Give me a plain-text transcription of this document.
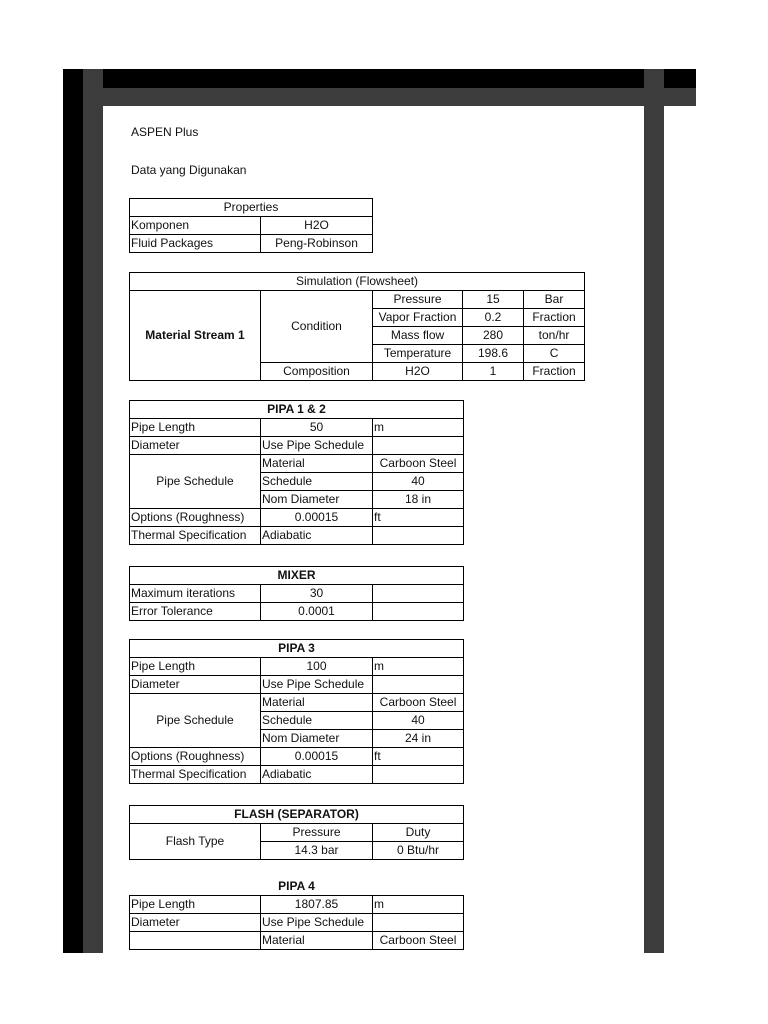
ASPEN Plus
Data yang Digunakan
Properties	
Komponen	H2O
Fluid Packages	Peng-Robinson
Simulation (Flowsheet)				
Material Stream 1	Condition	Pressure	15	Bar
		Vapor Fraction	0.2	Fraction
		Mass flow	280	ton/hr
		Temperature	198.6	C
	Composition	H2O	1	Fraction
PIPA 1 & 2		
Pipe Length	50	m
Diameter	Use Pipe Schedule	
Pipe Schedule	Material	Carboon Steel
	Schedule	40
	Nom Diameter	18 in
Options (Roughness)	0.00015	ft
Thermal Specification	Adiabatic	
MIXER		
Maximum iterations	30	
Error Tolerance	0.0001	
PIPA 3		
Pipe Length	100	m
Diameter	Use Pipe Schedule	
Pipe Schedule	Material	Carboon Steel
	Schedule	40
	Nom Diameter	24 in
Options (Roughness)	0.00015	ft
Thermal Specification	Adiabatic	
FLASH (SEPARATOR)		
Flash Type	Pressure	Duty
	14.3 bar	0 Btu/hr
PIPA 4		
Pipe Length	1807.85	m
Diameter	Use Pipe Schedule	
	Material	Carboon Steel
